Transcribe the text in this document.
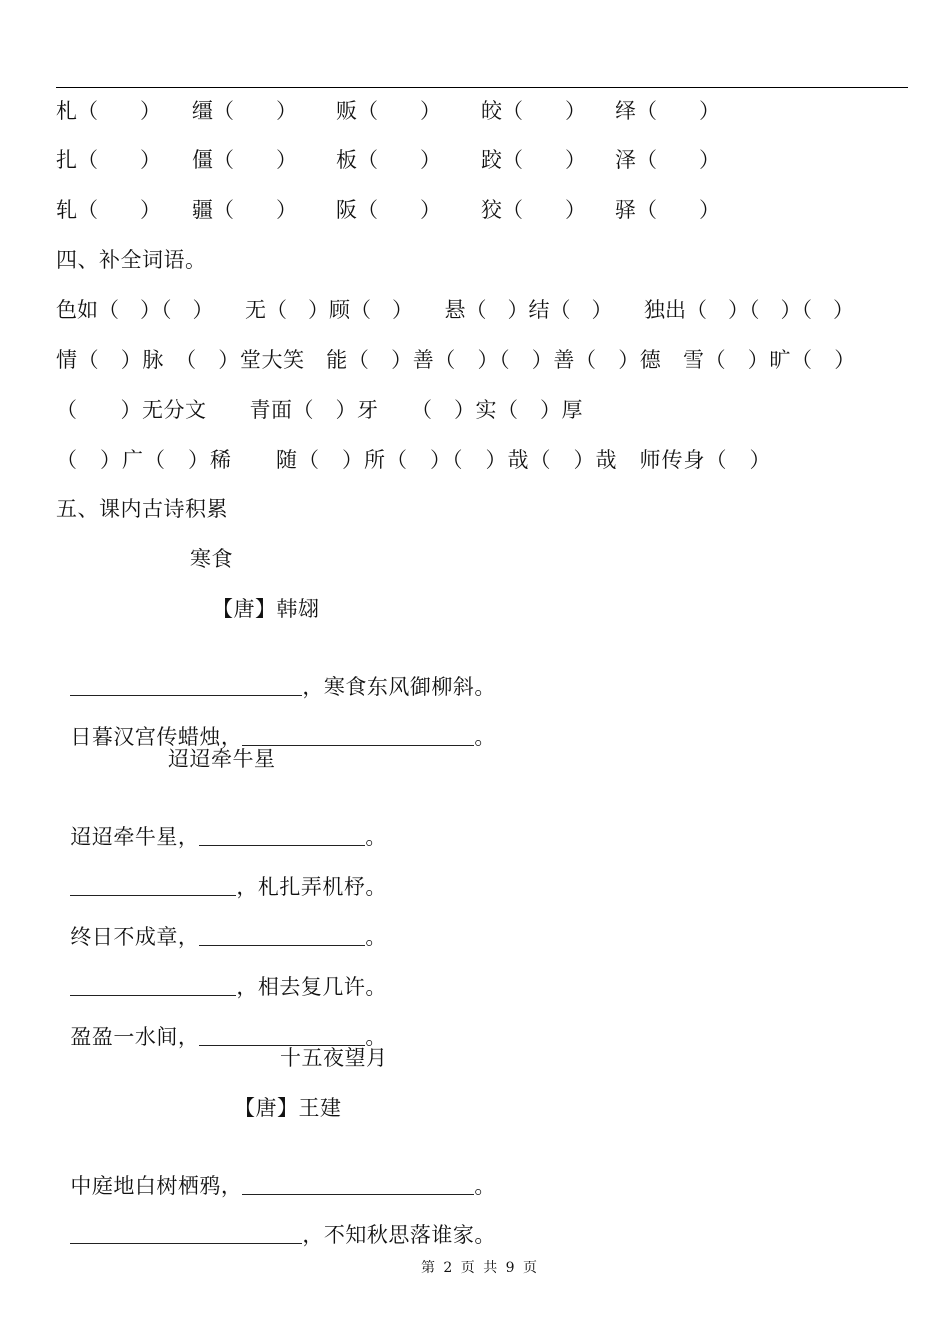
札（　　） 缰（　　） 贩（　　） 皎（　　） 绎（　　）
扎（　　） 僵（　　） 板（　　） 跤（　　） 泽（　　）
轧（　　） 疆（　　） 阪（　　） 狡（　　） 驿（　　）
四、补全词语。
色如（　）（　）　　无（　）顾（　）　　悬（　）结（　）　　独出（　）（　）（　）
情（　）脉　（　）堂大笑　能（　）善（　）（　）善（　）德　雪（　）旷（　）
（　　）无分文　　青面（　）牙　　（　）实（　）厚
（　）广（　）稀　　随（　）所（　）（　）哉（　）哉　师传身（　）
五、课内古诗积累
寒食
【唐】韩翃

，寒食东风御柳斜。

日暮汉宫传蜡烛，	。

迢迢牵牛星

迢迢牵牛星，	。

，札扎弄机杼。

终日不成章，	。

，相去复几许。

盈盈一水间，	。

十五夜望月
【唐】王建

中庭地白树栖鸦，	。

，不知秋思落谁家。

第 2 页 共 9 页
